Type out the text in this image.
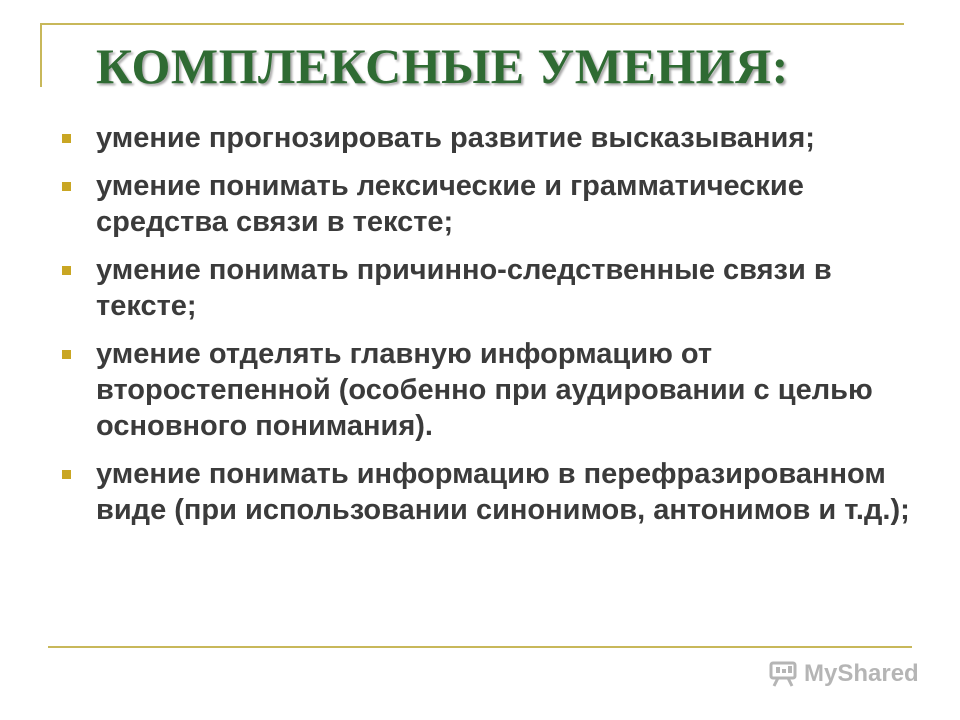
КОМПЛЕКСНЫЕ УМЕНИЯ:
умение прогнозировать развитие высказывания;
умение понимать лексические и грамматические средства связи в тексте;
умение понимать причинно-следственные связи в тексте;
умение отделять главную информацию от второстепенной (особенно при аудировании с целью основного понимания).
умение понимать информацию в перефразированном виде (при использовании синонимов, антонимов и т.д.);
MyShared
